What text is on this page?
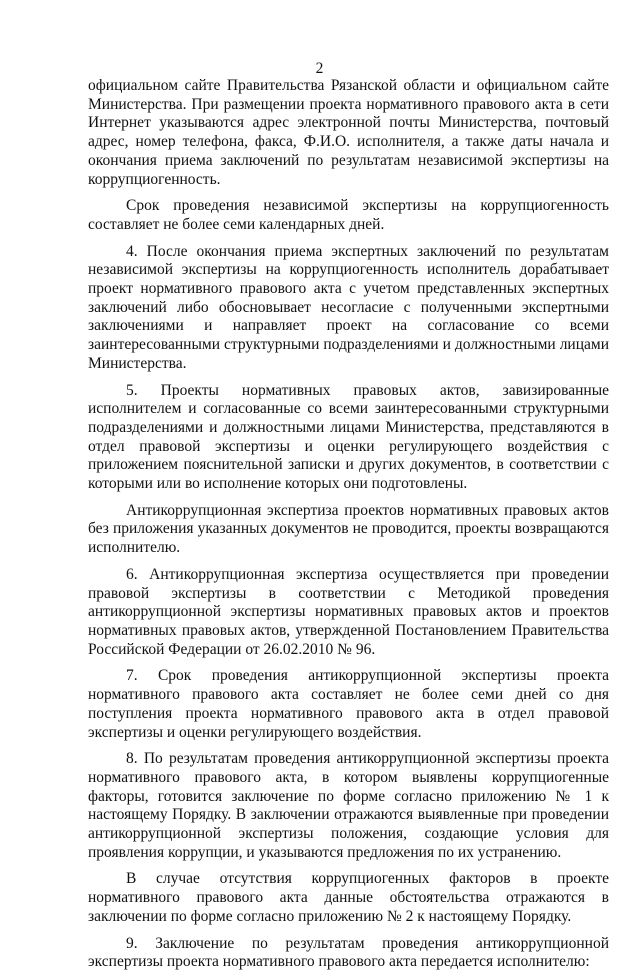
2

официальном сайте Правительства Рязанской области и официальном сайте Министерства. При размещении проекта нормативного правового акта в сети Интернет указываются адрес электронной почты Министерства, почтовый адрес, номер телефона, факса, Ф.И.О. исполнителя, а также даты начала и окончания приема заключений по результатам независимой экспертизы на коррупциогенность.

Срок проведения независимой экспертизы на коррупциогенность составляет не более семи календарных дней.

4. После окончания приема экспертных заключений по результатам независимой экспертизы на коррупциогенность исполнитель дорабатывает проект нормативного правового акта с учетом представленных экспертных заключений либо обосновывает несогласие с полученными экспертными заключениями и направляет проект на согласование со всеми заинтересованными структурными подразделениями и должностными лицами Министерства.

5. Проекты нормативных правовых актов, завизированные исполнителем и согласованные со всеми заинтересованными структурными подразделениями и должностными лицами Министерства, представляются в отдел правовой экспертизы и оценки регулирующего воздействия с приложением пояснительной записки и других документов, в соответствии с которыми или во исполнение которых они подготовлены.

Антикоррупционная экспертиза проектов нормативных правовых актов без приложения указанных документов не проводится, проекты возвращаются исполнителю.

6. Антикоррупционная экспертиза осуществляется при проведении правовой экспертизы в соответствии с Методикой проведения антикоррупционной экспертизы нормативных правовых актов и проектов нормативных правовых актов, утвержденной Постановлением Правительства Российской Федерации от 26.02.2010 № 96.

7. Срок проведения антикоррупционной экспертизы проекта нормативного правового акта составляет не более семи дней со дня поступления проекта нормативного правового акта в отдел правовой экспертизы и оценки регулирующего воздействия.

8. По результатам проведения антикоррупционной экспертизы проекта нормативного правового акта, в котором выявлены коррупциогенные факторы, готовится заключение по форме согласно приложению № 1 к настоящему Порядку. В заключении отражаются выявленные при проведении антикоррупционной экспертизы положения, создающие условия для проявления коррупции, и указываются предложения по их устранению.

В случае отсутствия коррупциогенных факторов в проекте нормативного правового акта данные обстоятельства отражаются в заключении по форме согласно приложению № 2 к настоящему Порядку.

9. Заключение по результатам проведения антикоррупционной экспертизы проекта нормативного правового акта передается исполнителю:
